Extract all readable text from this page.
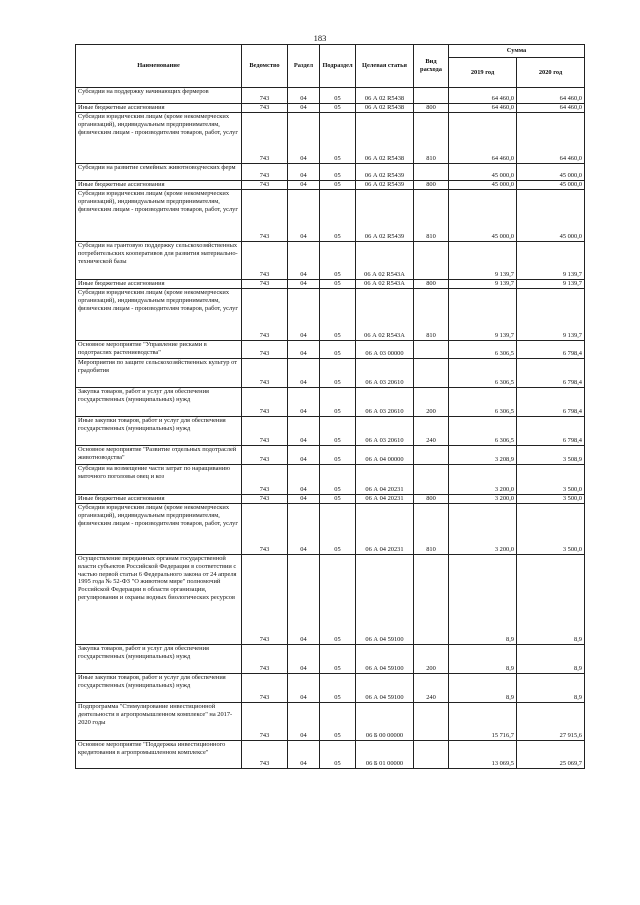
183
Наименование	Ведомство	Раздел	Подраздел	Целевая статья	Вид расхода	Сумма	
						2019 год	2020 год
Субсидии на поддержку начинающих фермеров	743	04	05	06 А 02 R5438		64 460,0	64 460,0
Иные бюджетные ассигнования	743	04	05	06 А 02 R5438	800	64 460,0	64 460,0
Субсидии юридическим лицам (кроме некоммерческих организаций), индивидуальным предпринимателям, физическим лицам - производителям товаров, работ, услуг	743	04	05	06 А 02 R5438	810	64 460,0	64 460,0
Субсидии на развитие семейных животноводческих ферм	743	04	05	06 А 02 R5439		45 000,0	45 000,0
Иные бюджетные ассигнования	743	04	05	06 А 02 R5439	800	45 000,0	45 000,0
Субсидии юридическим лицам (кроме некоммерческих организаций), индивидуальным предпринимателям, физическим лицам - производителям товаров, работ, услуг	743	04	05	06 А 02 R5439	810	45 000,0	45 000,0
Субсидии на грантовую поддержку сельскохозяйственных потребительских кооперативов для развития материально-технической базы	743	04	05	06 А 02 R543А		9 139,7	9 139,7
Иные бюджетные ассигнования	743	04	05	06 А 02 R543А	800	9 139,7	9 139,7
Субсидии юридическим лицам (кроме некоммерческих организаций), индивидуальным предпринимателям, физическим лицам - производителям товаров, работ, услуг	743	04	05	06 А 02 R543А	810	9 139,7	9 139,7
Основное мероприятие "Управление рисками в подотраслях растениеводства"	743	04	05	06 А 03 00000		6 306,5	6 798,4
Мероприятия по защите сельскохозяйственных культур от градобития	743	04	05	06 А 03 20610		6 306,5	6 798,4
Закупка товаров, работ и услуг для обеспечения государственных (муниципальных) нужд	743	04	05	06 А 03 20610	200	6 306,5	6 798,4
Иные закупки товаров, работ и услуг для обеспечения государственных (муниципальных) нужд	743	04	05	06 А 03 20610	240	6 306,5	6 798,4
Основное мероприятие "Развитие отдельных подотраслей животноводства"	743	04	05	06 А 04 00000		3 208,9	3 508,9
Субсидии на возмещение части затрат по наращиванию маточного поголовья овец и коз	743	04	05	06 А 04 20231		3 200,0	3 500,0
Иные бюджетные ассигнования	743	04	05	06 А 04 20231	800	3 200,0	3 500,0
Субсидии юридическим лицам (кроме некоммерческих организаций), индивидуальным предпринимателям, физическим лицам - производителям товаров, работ, услуг	743	04	05	06 А 04 20231	810	3 200,0	3 500,0
Осуществление переданных органам государственной власти субъектов Российской Федерации в соответствии с частью первой статьи 6 Федерального закона от 24 апреля 1995 года № 52-ФЗ "О животном мире" полномочий Российской Федерации в области организации, регулирования и охраны водных биологических ресурсов	743	04	05	06 А 04 59100		8,9	8,9
Закупка товаров, работ и услуг для обеспечения государственных (муниципальных) нужд	743	04	05	06 А 04 59100	200	8,9	8,9
Иные закупки товаров, работ и услуг для обеспечения государственных (муниципальных) нужд	743	04	05	06 А 04 59100	240	8,9	8,9
Подпрограмма "Стимулирование инвестиционной деятельности в агропромышленном комплексе" на 2017-2020 годы	743	04	05	06 Б 00 00000		15 716,7	27 915,6
Основное мероприятие "Поддержка инвестиционного кредитования в агропромышленном комплексе"	743	04	05	06 Б 01 00000		13 069,5	25 069,7
